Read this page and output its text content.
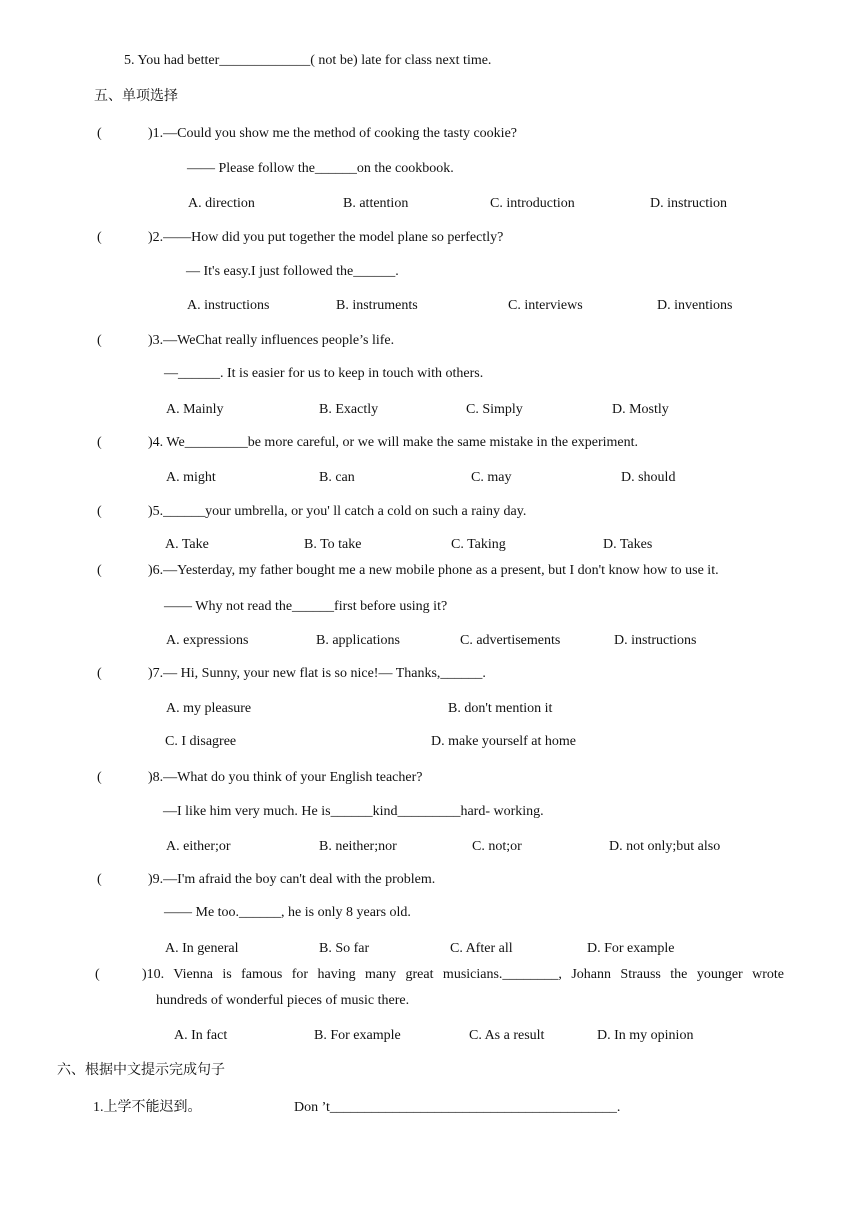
5. You had better_____________( not be) late for class next time.
五、单项选择
(	)1.—Could you show me the method of cooking the tasty cookie?
—— Please follow the______on the cookbook.
A. direction	B. attention	C. introduction	D. instruction
(	)2.——How did you put together the model plane so perfectly?
— It's easy.I just followed the______.
A. instructions	B. instruments	C. interviews	D. inventions
(	)3.—WeChat really influences people’s life.
—______. It is easier for us to keep in touch with others.
A. Mainly	B. Exactly	C. Simply	D. Mostly
(	)4. We_________be more careful, or we will make the same mistake in the experiment.
A. might	B. can	C. may	D. should
(	)5.______your umbrella, or you' ll catch a cold on such a rainy day.
A. Take	B. To take	C. Taking	D. Takes
(	)6.—Yesterday, my father bought me a new mobile phone as a present, but I don't know how to use it.
—— Why not read the______first before using it?
A. expressions	B. applications	C. advertisements	D. instructions
(	)7.— Hi, Sunny, your new flat is so nice!— Thanks,______.
A. my pleasure	B. don't mention it
C. I disagree	D. make yourself at home
(	)8.—What do you think of your English teacher?
—I like him very much. He is______kind_________hard- working.
A. either;or	B. neither;nor	C. not;or	D. not only;but also
(	)9.—I'm afraid the boy can't deal with the problem.
—— Me too.______, he is only 8 years old.
A. In general	B. So far	C. After all	D. For example
(	)10. Vienna is famous for having many great musicians.________, Johann Strauss the younger wrote
hundreds of wonderful pieces of music there.
A. In fact	B. For example	C. As a result	D. In my opinion
六、根据中文提示完成句子
1.上学不能迟到。	Don ’t_________________________________________.
